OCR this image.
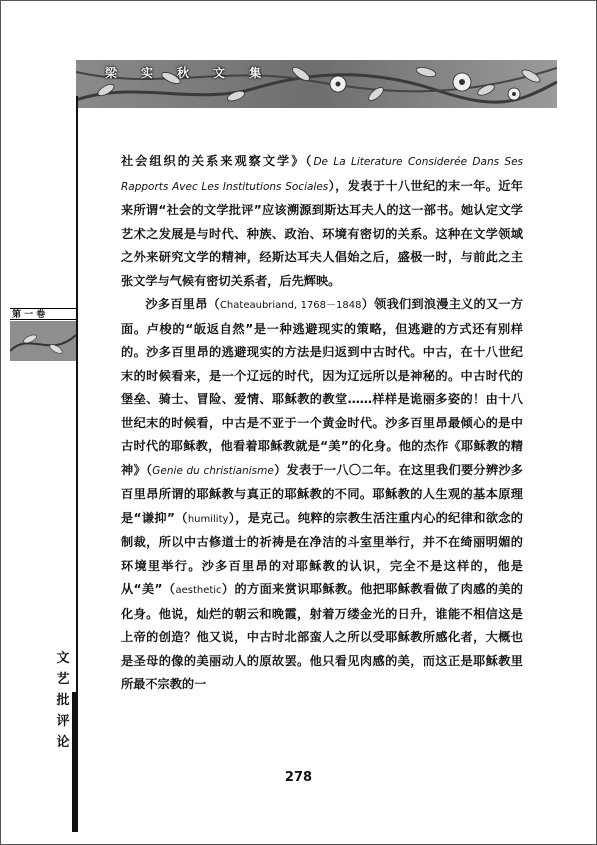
梁 实 秋 文 集
第 一 卷
文
艺
批
评
论

社会组织的关系来观察文学》（De La Literature Considerée Dans Ses Rapports Avec Les Institutions Sociales），发表于十八世纪的末一年。近年来所谓“社会的文学批评”应该溯源到斯达耳夫人的这一部书。她认定文学艺术之发展是与时代、种族、政治、环境有密切的关系。这种在文学领域之外来研究文学的精神，经斯达耳夫人倡始之后，盛极一时，与前此之主张文学与气候有密切关系者，后先辉映。

沙多百里昂（Chateaubriand, 1768－1848）领我们到浪漫主义的又一方面。卢梭的“皈返自然”是一种逃避现实的策略，但逃避的方式还有别样的。沙多百里昂的逃避现实的方法是归返到中古时代。中古，在十八世纪末的时候看来，是一个辽远的时代，因为辽远所以是神秘的。中古时代的堡垒、骑士、冒险、爱情、耶稣教的教堂……样样是诡丽多姿的！由十八世纪末的时候看，中古是不亚于一个黄金时代。沙多百里昂最倾心的是中古时代的耶稣教，他看着耶稣教就是“美”的化身。他的杰作《耶稣教的精神》（Genie du christianisme）发表于一八〇二年。在这里我们要分辨沙多百里昂所谓的耶稣教与真正的耶稣教的不同。耶稣教的人生观的基本原理是“谦抑”（humility），是克己。纯粹的宗教生活注重内心的纪律和欲念的制裁，所以中古修道士的祈祷是在净洁的斗室里举行，并不在绮丽明媚的环境里举行。沙多百里昂的对耶稣教的认识，完全不是这样的，他是从“美”（aesthetic）的方面来赏识耶稣教。他把耶稣教看做了肉感的美的化身。他说，灿烂的朝云和晚霞，射着万缕金光的日升，谁能不相信这是上帝的创造？他又说，中古时北部蛮人之所以受耶稣教所感化者，大概也是圣母的像的美丽动人的原故罢。他只看见肉感的美，而这正是耶稣教里所最不宗教的一

278
